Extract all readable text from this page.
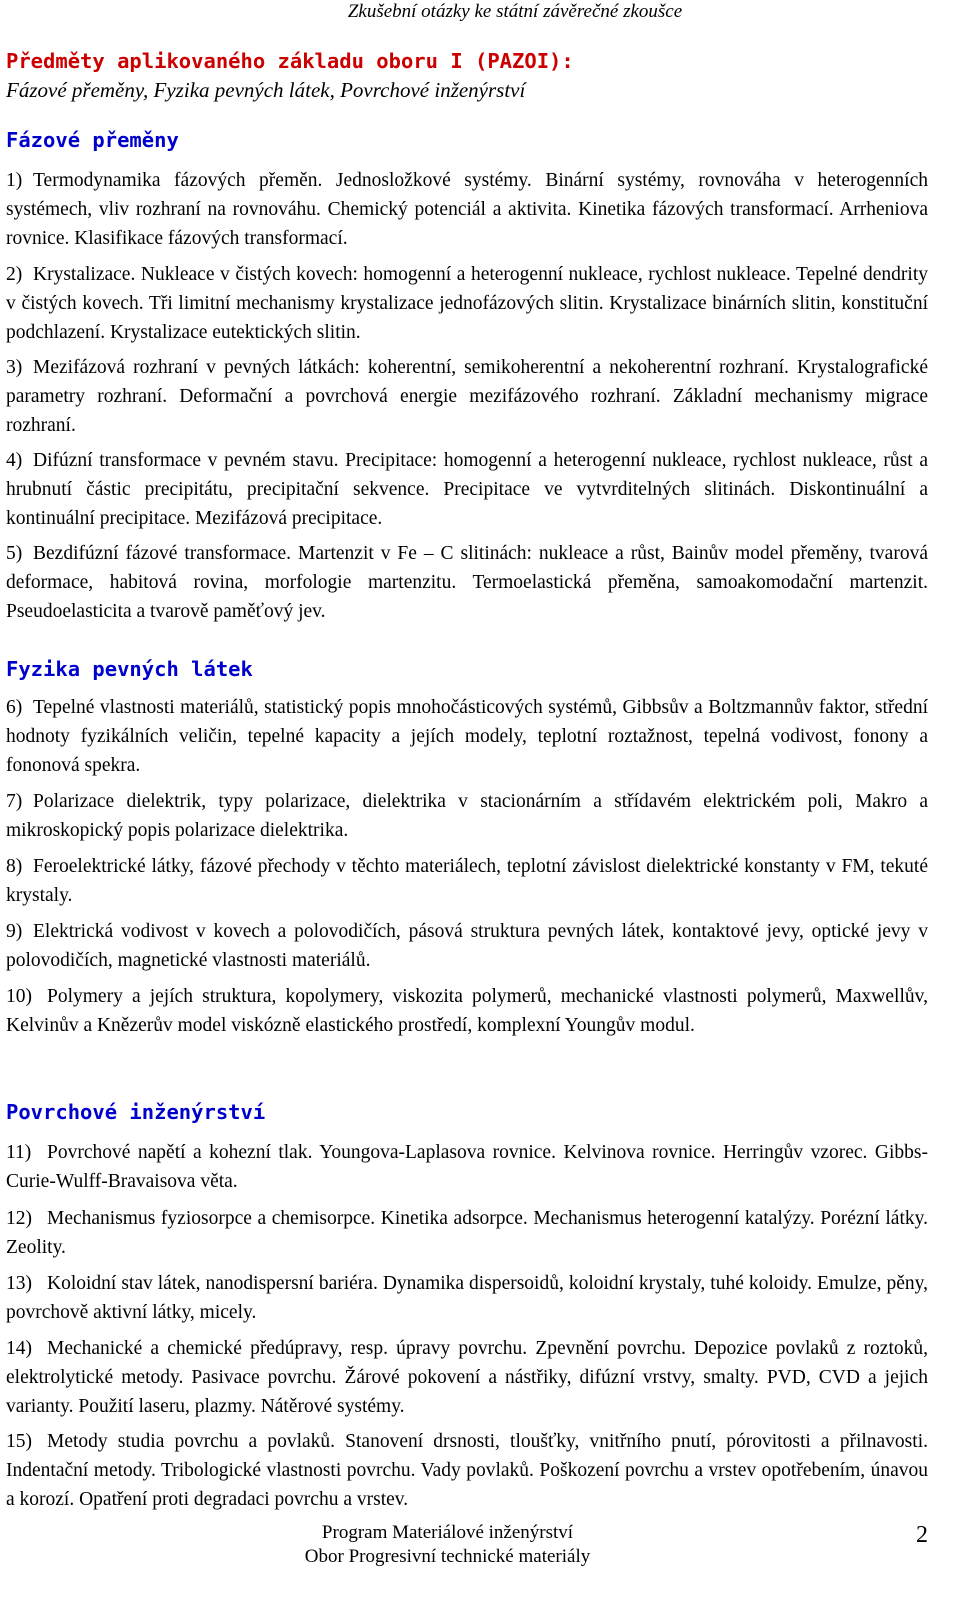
Zkušební otázky ke státní závěrečné zkoušce
Předměty aplikovaného základu oboru I (PAZOI):
Fázové přeměny, Fyzika pevných látek, Povrchové inženýrství
Fázové přeměny
1) Termodynamika fázových přeměn. Jednosložkové systémy. Binární systémy, rovnováha v heterogenních systémech, vliv rozhraní na rovnováhu. Chemický potenciál a aktivita. Kinetika fázových transformací. Arrheniova rovnice. Klasifikace fázových transformací.
2) Krystalizace. Nukleace v čistých kovech: homogenní a heterogenní nukleace, rychlost nukleace. Tepelné dendrity v čistých kovech. Tři limitní mechanismy krystalizace jednofázových slitin. Krystalizace binárních slitin, konstituční podchlazení. Krystalizace eutektických slitin.
3) Mezifázová rozhraní v pevných látkách: koherentní, semikoherentní a nekoherentní rozhraní. Krystalografické parametry rozhraní. Deformační a povrchová energie mezifázového rozhraní. Základní mechanismy migrace rozhraní.
4) Difúzní transformace v pevném stavu. Precipitace: homogenní a heterogenní nukleace, rychlost nukleace, růst a hrubnutí částic precipitátu, precipitační sekvence. Precipitace ve vytvrditelných slitinách. Diskontinuální a kontinuální precipitace. Mezifázová precipitace.
5) Bezdifúzní fázové transformace. Martenzit v Fe – C slitinách: nukleace a růst, Bainův model přeměny, tvarová deformace, habitová rovina, morfologie martenzitu. Termoelastická přeměna, samoakomodační martenzit. Pseudoelasticita a tvarově paměťový jev.
Fyzika pevných látek
6) Tepelné vlastnosti materiálů, statistický popis mnohočásticových systémů, Gibbsův a Boltzmannův faktor, střední hodnoty fyzikálních veličin, tepelné kapacity a jejích modely, teplotní roztažnost, tepelná vodivost, fonony a fononová spekra.
7) Polarizace dielektrik, typy polarizace, dielektrika v stacionárním a střídavém elektrickém poli, Makro a mikroskopický popis polarizace dielektrika.
8) Feroelektrické látky, fázové přechody v těchto materiálech, teplotní závislost dielektrické konstanty v FM, tekuté krystaly.
9) Elektrická vodivost v kovech a polovodičích, pásová struktura pevných látek, kontaktové jevy, optické jevy v polovodičích, magnetické vlastnosti materiálů.
10) Polymery a jejích struktura, kopolymery, viskozita polymerů, mechanické vlastnosti polymerů, Maxwellův, Kelvinův a Knězerův model viskózně elastického prostředí, komplexní Youngův modul.
Povrchové inženýrství
11) Povrchové napětí a kohezní tlak. Youngova-Laplasova rovnice. Kelvinova rovnice. Herringův vzorec. Gibbs-Curie-Wulff-Bravaisova věta.
12) Mechanismus fyziosorpce a chemisorpce. Kinetika adsorpce. Mechanismus heterogenní katalýzy. Porézní látky. Zeolity.
13) Koloidní stav látek, nanodispersní bariéra. Dynamika dispersoidů, koloidní krystaly, tuhé koloidy. Emulze, pěny, povrchově aktivní látky, micely.
14) Mechanické a chemické předúpravy, resp. úpravy povrchu. Zpevnění povrchu. Depozice povlaků z roztoků, elektrolytické metody. Pasivace povrchu. Žárové pokovení a nástřiky, difúzní vrstvy, smalty. PVD, CVD a jejich varianty. Použití laseru, plazmy. Nátěrové systémy.
15) Metody studia povrchu a povlaků. Stanovení drsnosti, tloušťky, vnitřního pnutí, pórovitosti a přilnavosti. Indentační metody. Tribologické vlastnosti povrchu. Vady povlaků. Poškození povrchu a vrstev opotřebením, únavou a korozí. Opatření proti degradaci povrchu a vrstev.
Program Materiálové inženýrství
Obor Progresivní technické materiály
2
